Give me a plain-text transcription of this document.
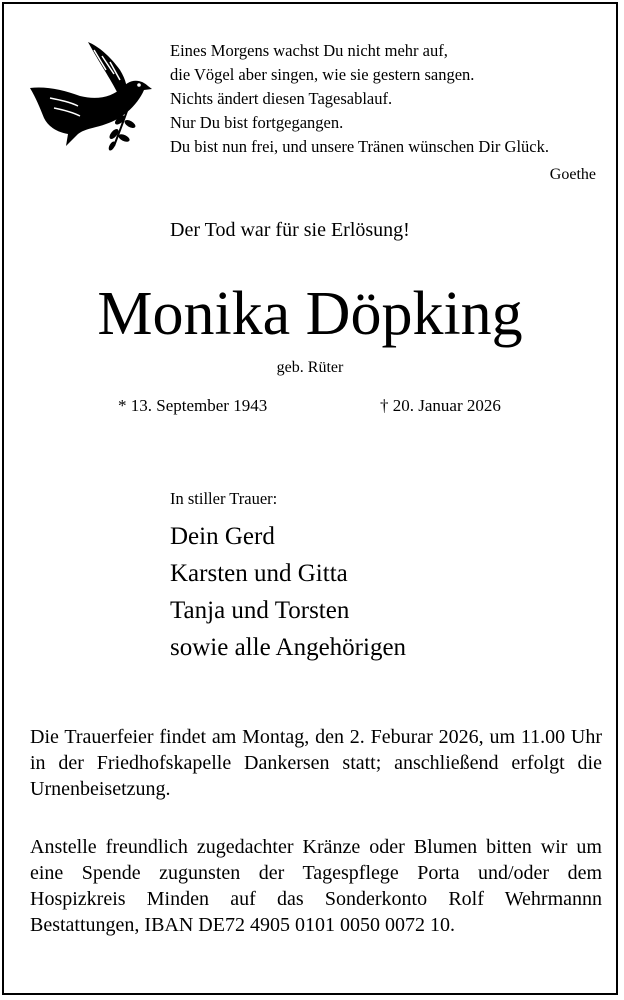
Eines Morgens wachst Du nicht mehr auf,
die Vögel aber singen, wie sie gestern sangen.
Nichts ändert diesen Tagesablauf.
Nur Du bist fortgegangen.
Du bist nun frei, und unsere Tränen wünschen Dir Glück.
Goethe
Der Tod war für sie Erlösung!
Monika Döpking
geb. Rüter
* 13. September 1943	† 20. Januar 2026
In stiller Trauer:
Dein Gerd
Karsten und Gitta
Tanja und Torsten
sowie alle Angehörigen
Die Trauerfeier findet am Montag, den 2. Feburar 2026, um 11.00 Uhr in der Friedhofskapelle Dankersen statt; anschließend erfolgt die Urnenbeisetzung.
Anstelle freundlich zugedachter Kränze oder Blumen bitten wir um eine Spende zugunsten der Tagespflege Porta und/oder dem Hospizkreis Minden auf das Sonderkonto Rolf Wehrmannn Bestattungen, IBAN DE72 4905 0101 0050 0072 10.
